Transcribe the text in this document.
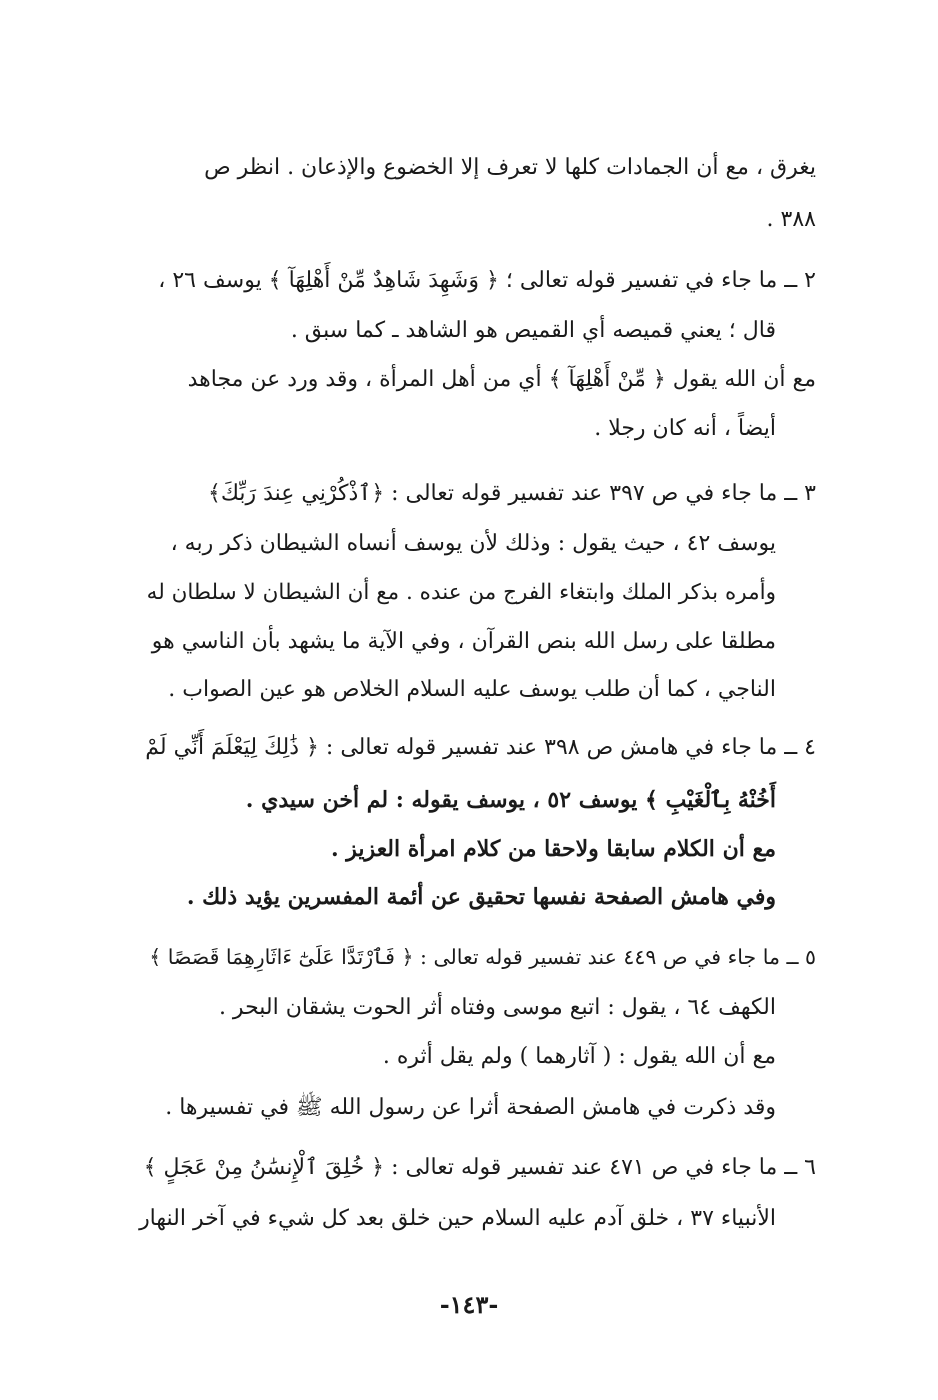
يغرق ، مع أن الجمادات كلها لا تعرف إلا الخضوع والإذعان . انظر ص
٣٨٨ .
٢ ــ ما جاء في تفسير قوله تعالى ؛ ﴿ وَشَهِدَ شَاهِدٌ مِّنْ أَهْلِهَآ ﴾ يوسف ٢٦ ،
قال ؛ يعني قميصه أي القميص هو الشاهد ـ كما سبق .
مع أن الله يقول ﴿ مِّنْ أَهْلِهَآ ﴾ أي من أهل المرأة ، وقد ورد عن مجاهد
أيضاً ، أنه كان رجلا .
٣ ــ ما جاء في ص ٣٩٧ عند تفسير قوله تعالى : ﴿ٱذْكُرْنِي عِندَ رَبِّكَ﴾
يوسف ٤٢ ، حيث يقول : وذلك لأن يوسف أنساه الشيطان ذكر ربه ،
وأمره بذكر الملك وابتغاء الفرج من عنده . مع أن الشيطان لا سلطان له
مطلقا على رسل الله بنص القرآن ، وفي الآية ما يشهد بأن الناسي هو
الناجي ، كما أن طلب يوسف عليه السلام الخلاص هو عين الصواب .
٤ ــ ما جاء في هامش ص ٣٩٨ عند تفسير قوله تعالى : ﴿ ذَٰلِكَ لِيَعْلَمَ أَنِّي لَمْ
أَخُنْهُ بِٱلْغَيْبِ ﴾ يوسف ٥٢ ، يوسف يقوله : لم أخن سيدي .
مع أن الكلام سابقا ولاحقا من كلام امرأة العزيز .
وفي هامش الصفحة نفسها تحقيق عن أئمة المفسرين يؤيد ذلك .
٥ ــ ما جاء في ص ٤٤٩ عند تفسير قوله تعالى : ﴿ فَٱرْتَدَّا عَلَىٰٓ ءَاثَارِهِمَا قَصَصًا ﴾
الكهف ٦٤ ، يقول : اتبع موسى وفتاه أثر الحوت يشقان البحر .
مع أن الله يقول : ( آثارهما ) ولم يقل أثره .
وقد ذكرت في هامش الصفحة أثرا عن رسول الله ﷺ في تفسيرها .
٦ ــ ما جاء في ص ٤٧١ عند تفسير قوله تعالى : ﴿ خُلِقَ ٱلْإِنسَٰنُ مِنْ عَجَلٍ ﴾
الأنبياء ٣٧ ، خلق آدم عليه السلام حين خلق بعد كل شيء في آخر النهار
-١٤٣-
